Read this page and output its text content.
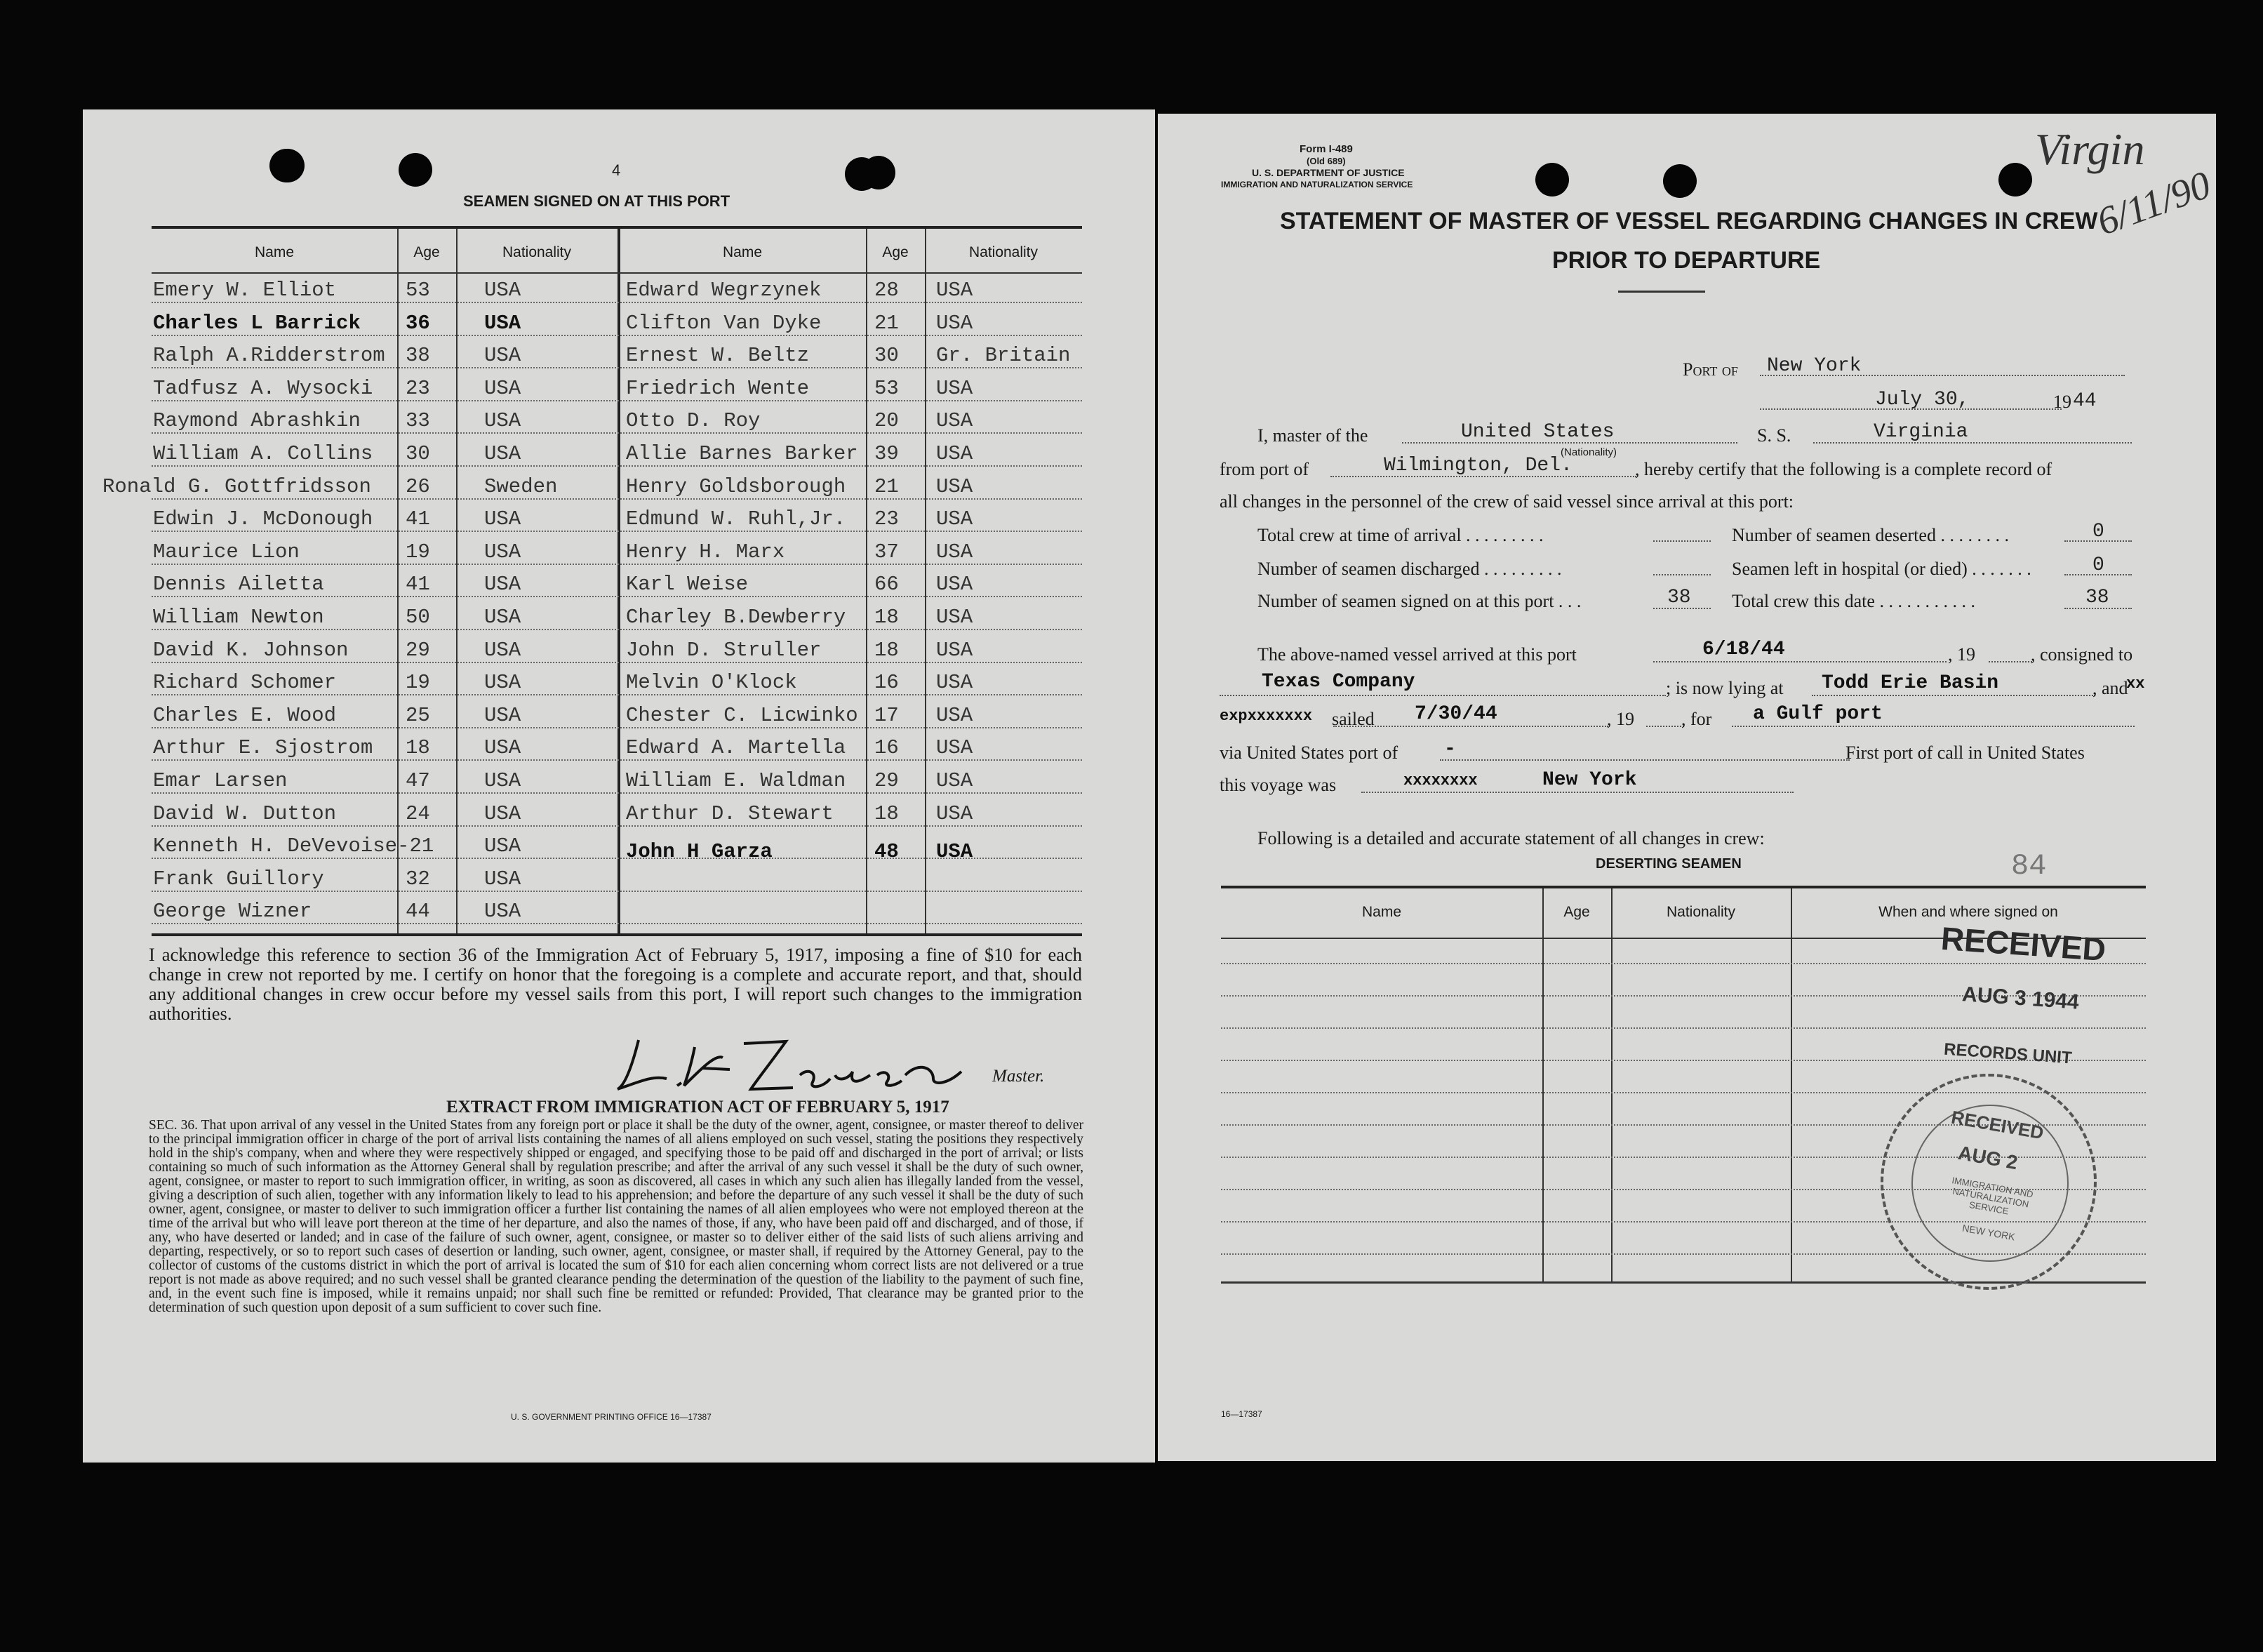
4
SEAMEN SIGNED ON AT THIS PORT
Name	Age	Nationality	Name	Age	Nationality
Emery W. Elliot	53	USA	Edward Wegrzynek	28 USA
Charles L Barrick 36	USA	Clifton Van Dyke	21 USA
Ralph A.Ridderstrom 38	USA	Ernest W. Beltz	30 Gr. Britain
Tadfusz A. Wysocki 23	USA	Friedrich Wente	53 USA
Raymond Abrashkin 33	USA	Otto D. Roy	20 USA
William A. Collins 30	USA	Allie Barnes Barker 39 USA
Ronald G. Gottfridsson 26	Sweden	Henry Goldsborough 21 USA
Edwin J. McDonough 41	USA	Edmund W. Ruhl,Jr. 23 USA
Maurice Lion	19	USA	Henry H. Marx	37 USA
Dennis Ailetta	41	USA	Karl Weise	66 USA
William Newton	50	USA	Charley B.Dewberry 18 USA
David K. Johnson	29	USA	John D. Struller	18 USA
Richard Schomer	19	USA	Melvin O'Klock	16 USA
Charles E. Wood	25	USA	Chester C. Licwinko 17 USA
Arthur E. Sjostrom 18	USA	Edward A. Martella 16 USA
Emar Larsen	47	USA	William E. Waldman 29 USA
David W. Dutton	24	USA	Arthur D. Stewart 18 USA
Kenneth H. DeVevoise-21 USA	John H Garza	48 USA
Frank Guillory	32	USA
George Wizner	44	USA
I acknowledge this reference to section 36 of the Immigration Act of February 5, 1917, imposing a fine of $10 for each change in crew not reported by me. I certify on honor that the foregoing is a complete and accurate report, and that, should any additional changes in crew occur before my vessel sails from this port, I will report such changes to the immigration authorities.
L. A. Larsen
Master.
EXTRACT FROM IMMIGRATION ACT OF FEBRUARY 5, 1917
SEC. 36. That upon arrival of any vessel in the United States from any foreign port or place it shall be the duty of the owner, agent, consignee, or master thereof to deliver to the principal immigration officer in charge of the port of arrival lists containing the names of all aliens employed on such vessel, stating the positions they respectively hold in the ship's company, when and where they were respectively shipped or engaged, and specifying those to be paid off and discharged in the port of arrival; or lists containing so much of such information as the Attorney General shall by regulation prescribe; and after the arrival of any such vessel it shall be the duty of such owner, agent, consignee, or master to report to such immigration officer, in writing, as soon as discovered, all cases in which any such alien has illegally landed from the vessel, giving a description of such alien, together with any information likely to lead to his apprehension; and before the departure of any such vessel it shall be the duty of such owner, agent, consignee, or master to deliver to such immigration officer a further list containing the names of all alien employees who were not employed thereon at the time of the arrival but who will leave port thereon at the time of her departure, and also the names of those, if any, who have been paid off and discharged, and of those, if any, who have deserted or landed; and in case of the failure of such owner, agent, consignee, or master so to deliver either of the said lists of such aliens arriving and departing, respectively, or so to report such cases of desertion or landing, such owner, agent, consignee, or master shall, if required by the Attorney General, pay to the collector of customs of the customs district in which the port of arrival is located the sum of $10 for each alien concerning whom correct lists are not delivered or a true report is not made as above required; and no such vessel shall be granted clearance pending the determination of the question of the liability to the payment of such fine, and, in the event such fine is imposed, while it remains unpaid; nor shall such fine be remitted or refunded: Provided, That clearance may be granted prior to the determination of such question upon deposit of a sum sufficient to cover such fine.
U. S. GOVERNMENT PRINTING OFFICE 16—17387
Form I-489
(Old 689)
U. S. DEPARTMENT OF JUSTICE
IMMIGRATION AND NATURALIZATION SERVICE
Virgin
6/11/90
STATEMENT OF MASTER OF VESSEL REGARDING CHANGES IN CREW
PRIOR TO DEPARTURE
Port of New York
July 30,	19 44
I, master of the	United States
(Nationality)
S. S.	Virginia
from port of	Wilmington, Del.	, hereby certify that the following is a complete record of
all changes in the personnel of the crew of said vessel since arrival at this port:
Total crew at time of arrival . . . . . . . . .
Number of seamen discharged . . . . . . . . .
Number of seamen signed on at this port . . .	38
Number of seamen deserted . . . . . . . .	0
Seamen left in hospital (or died) . . . . . . .	0
Total crew this date . . . . . . . . . . .	38
The above-named vessel arrived at this port	6/18/44	, 19	, consigned to
Texas Company	; is now lying at Todd Erie Basin	, and
xx
expxxxxxxx sailed 7/30/44	, 19	, for a Gulf port
via United States port of -	First port of call in United States
this voyage was	xxxxxxxx	New York
Following is a detailed and accurate statement of all changes in crew:
DESERTING SEAMEN	84
Name	Age	Nationality	When and where signed on
RECEIVED
AUG 3 1944
RECORDS UNIT
RECEIVED
AUG 2
IMMIGRATION AND NATURALIZATION SERVICE
NEW YORK
16—17387
